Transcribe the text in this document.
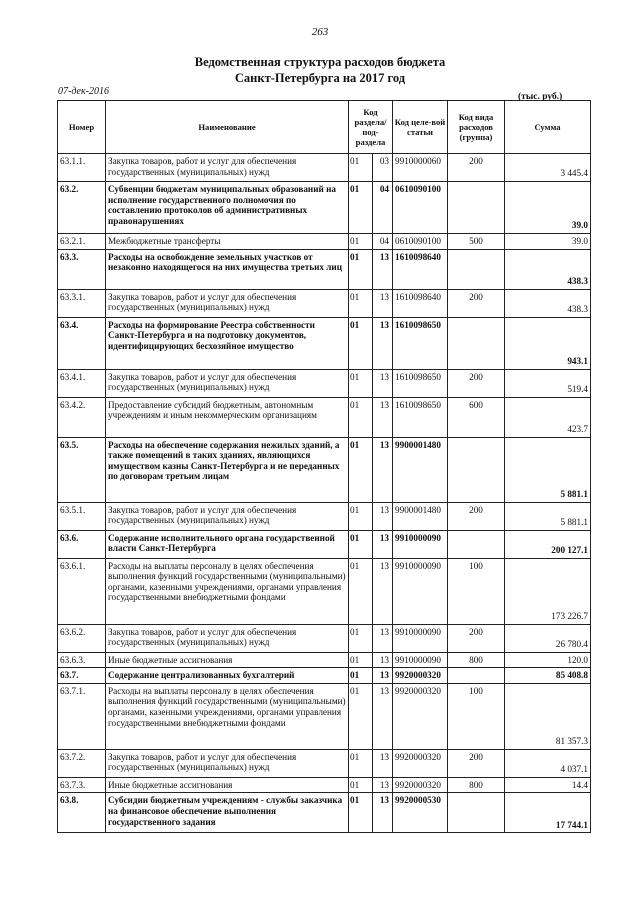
263
Ведомственная структура расходов бюджета
Санкт-Петербурга на 2017 год
07-дек-2016	(тыс. руб.)
Номер	Наименование	Код раздела/ под-раздела		Код целе-вой статьи	Код вида расходов (группа)	Сумма
63.1.1.	Закупка товаров, работ и услуг для обеспечения государственных (муниципальных) нужд	01	03	9910000060	200	3 445.4
63.2.	Субвенции бюджетам муниципальных образований на исполнение государственного полномочия по составлению протоколов об административных правонарушениях	01	04	0610090100		39.0
63.2.1.	Межбюджетные трансферты	01	04	0610090100	500	39.0
63.3.	Расходы на освобождение земельных участков от незаконно находящегося на них имущества третьих лиц	01	13	1610098640		438.3
63.3.1.	Закупка товаров, работ и услуг для обеспечения государственных (муниципальных) нужд	01	13	1610098640	200	438.3
63.4.	Расходы на формирование Реестра собственности Санкт-Петербурга и на подготовку документов, идентифицирующих бесхозяйное имущество	01	13	1610098650		943.1
63.4.1.	Закупка товаров, работ и услуг для обеспечения государственных (муниципальных) нужд	01	13	1610098650	200	519.4
63.4.2.	Предоставление субсидий бюджетным, автономным учреждениям и иным некоммерческим организациям	01	13	1610098650	600	423.7
63.5.	Расходы на обеспечение содержания нежилых зданий, а также помещений в таких зданиях, являющихся имуществом казны Санкт-Петербурга и не переданных по договорам третьим лицам	01	13	9900001480		5 881.1
63.5.1.	Закупка товаров, работ и услуг для обеспечения государственных (муниципальных) нужд	01	13	9900001480	200	5 881.1
63.6.	Содержание исполнительного органа государственной власти Санкт-Петербурга	01	13	9910000090		200 127.1
63.6.1.	Расходы на выплаты персоналу в целях обеспечения выполнения функций государственными (муниципальными) органами, казенными учреждениями, органами управления государственными внебюджетными фондами	01	13	9910000090	100	173 226.7
63.6.2.	Закупка товаров, работ и услуг для обеспечения государственных (муниципальных) нужд	01	13	9910000090	200	26 780.4
63.6.3.	Иные бюджетные ассигнования	01	13	9910000090	800	120.0
63.7.	Содержание централизованных бухгалтерий	01	13	9920000320		85 408.8
63.7.1.	Расходы на выплаты персоналу в целях обеспечения выполнения функций государственными (муниципальными) органами, казенными учреждениями, органами управления государственными внебюджетными фондами	01	13	9920000320	100	81 357.3
63.7.2.	Закупка товаров, работ и услуг для обеспечения государственных (муниципальных) нужд	01	13	9920000320	200	4 037.1
63.7.3.	Иные бюджетные ассигнования	01	13	9920000320	800	14.4
63.8.	Субсидии бюджетным учреждениям - службы заказчика на финансовое обеспечение выполнения государственного задания	01	13	9920000530		17 744.1
